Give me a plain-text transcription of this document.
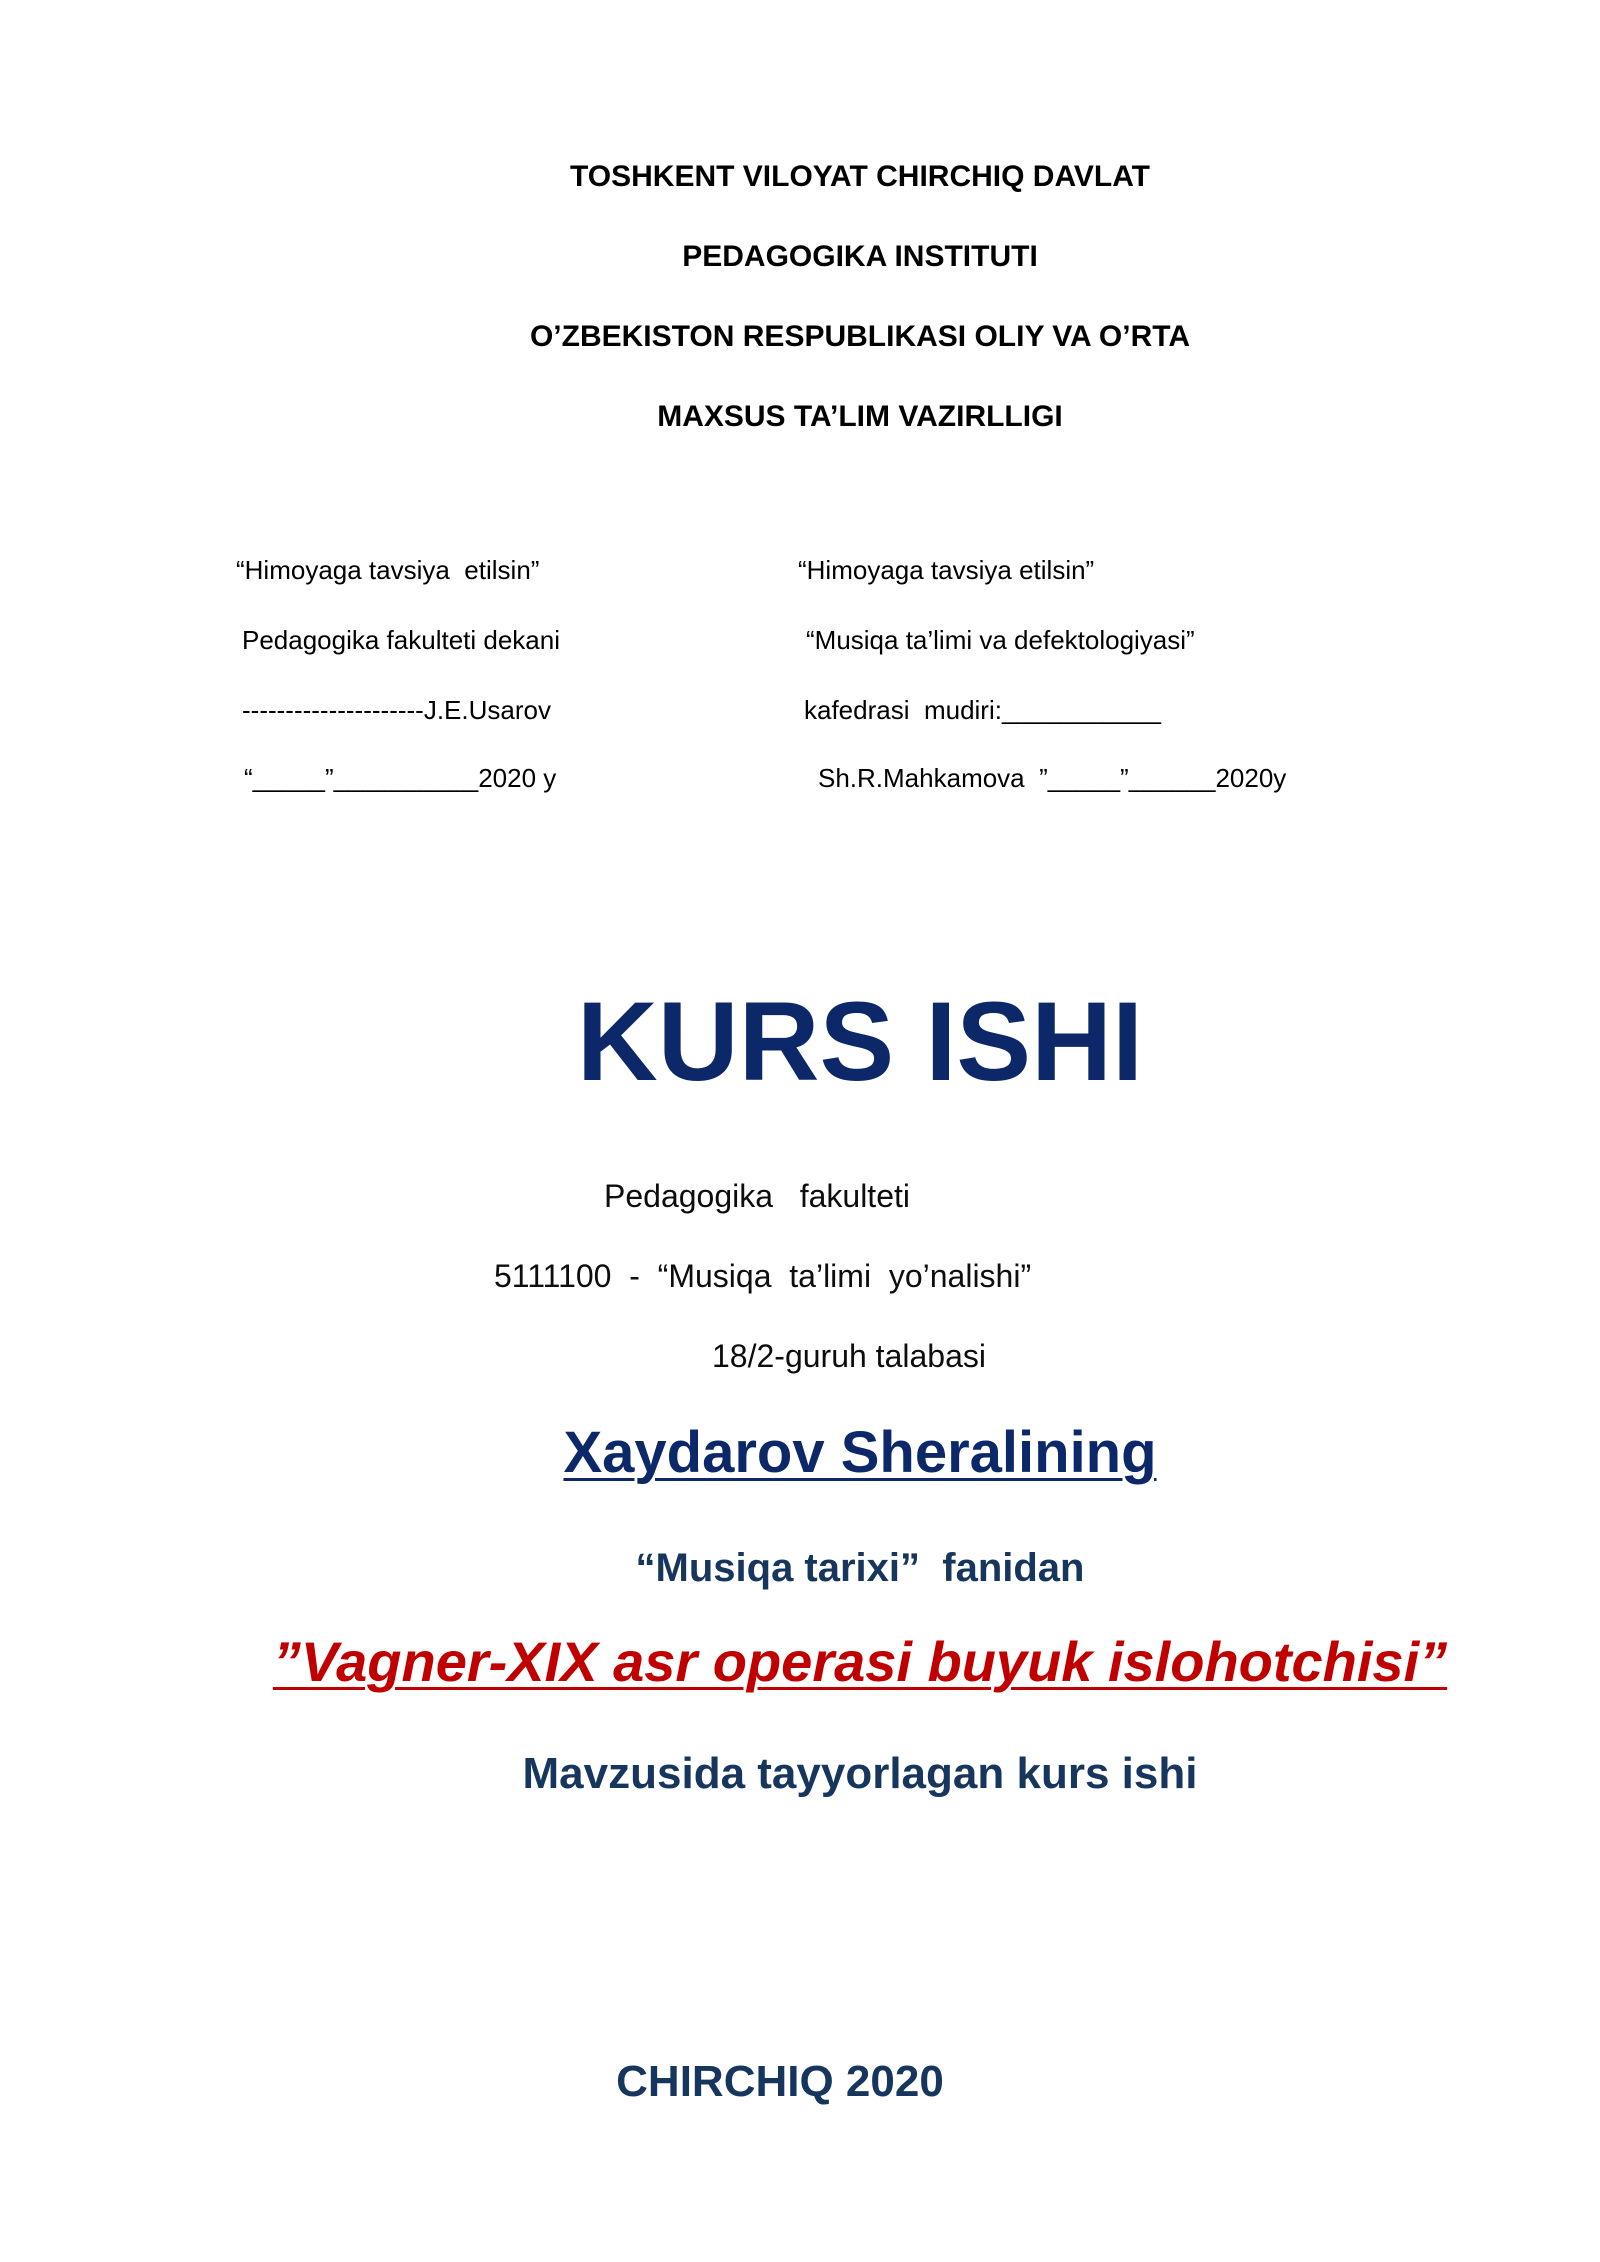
TOSHKENT VILOYAT CHIRCHIQ DAVLAT
PEDAGOGIKA INSTITUTI
O’ZBEKISTON RESPUBLIKASI OLIY VA O’RTA
MAXSUS TA’LIM VAZIRLLIGI
“Himoyaga tavsiya  etilsin”
Pedagogika fakulteti dekani
---------------------J.E.Usarov
“_____”__________2020 y
“Himoyaga tavsiya etilsin”
“Musiqa ta’limi va defektologiyasi”
kafedrasi  mudiri:___________
Sh.R.Mahkamova  ”_____”______2020y
KURS ISHI
Pedagogika   fakulteti
5111100  -  “Musiqa  ta’limi  yo’nalishi”
18/2-guruh talabasi
Xaydarov Sheralining
“Musiqa tarixi”  fanidan
”Vagner-XIX asr operasi buyuk islohotchisi”
Mavzusida tayyorlagan kurs ishi
CHIRCHIQ 2020
